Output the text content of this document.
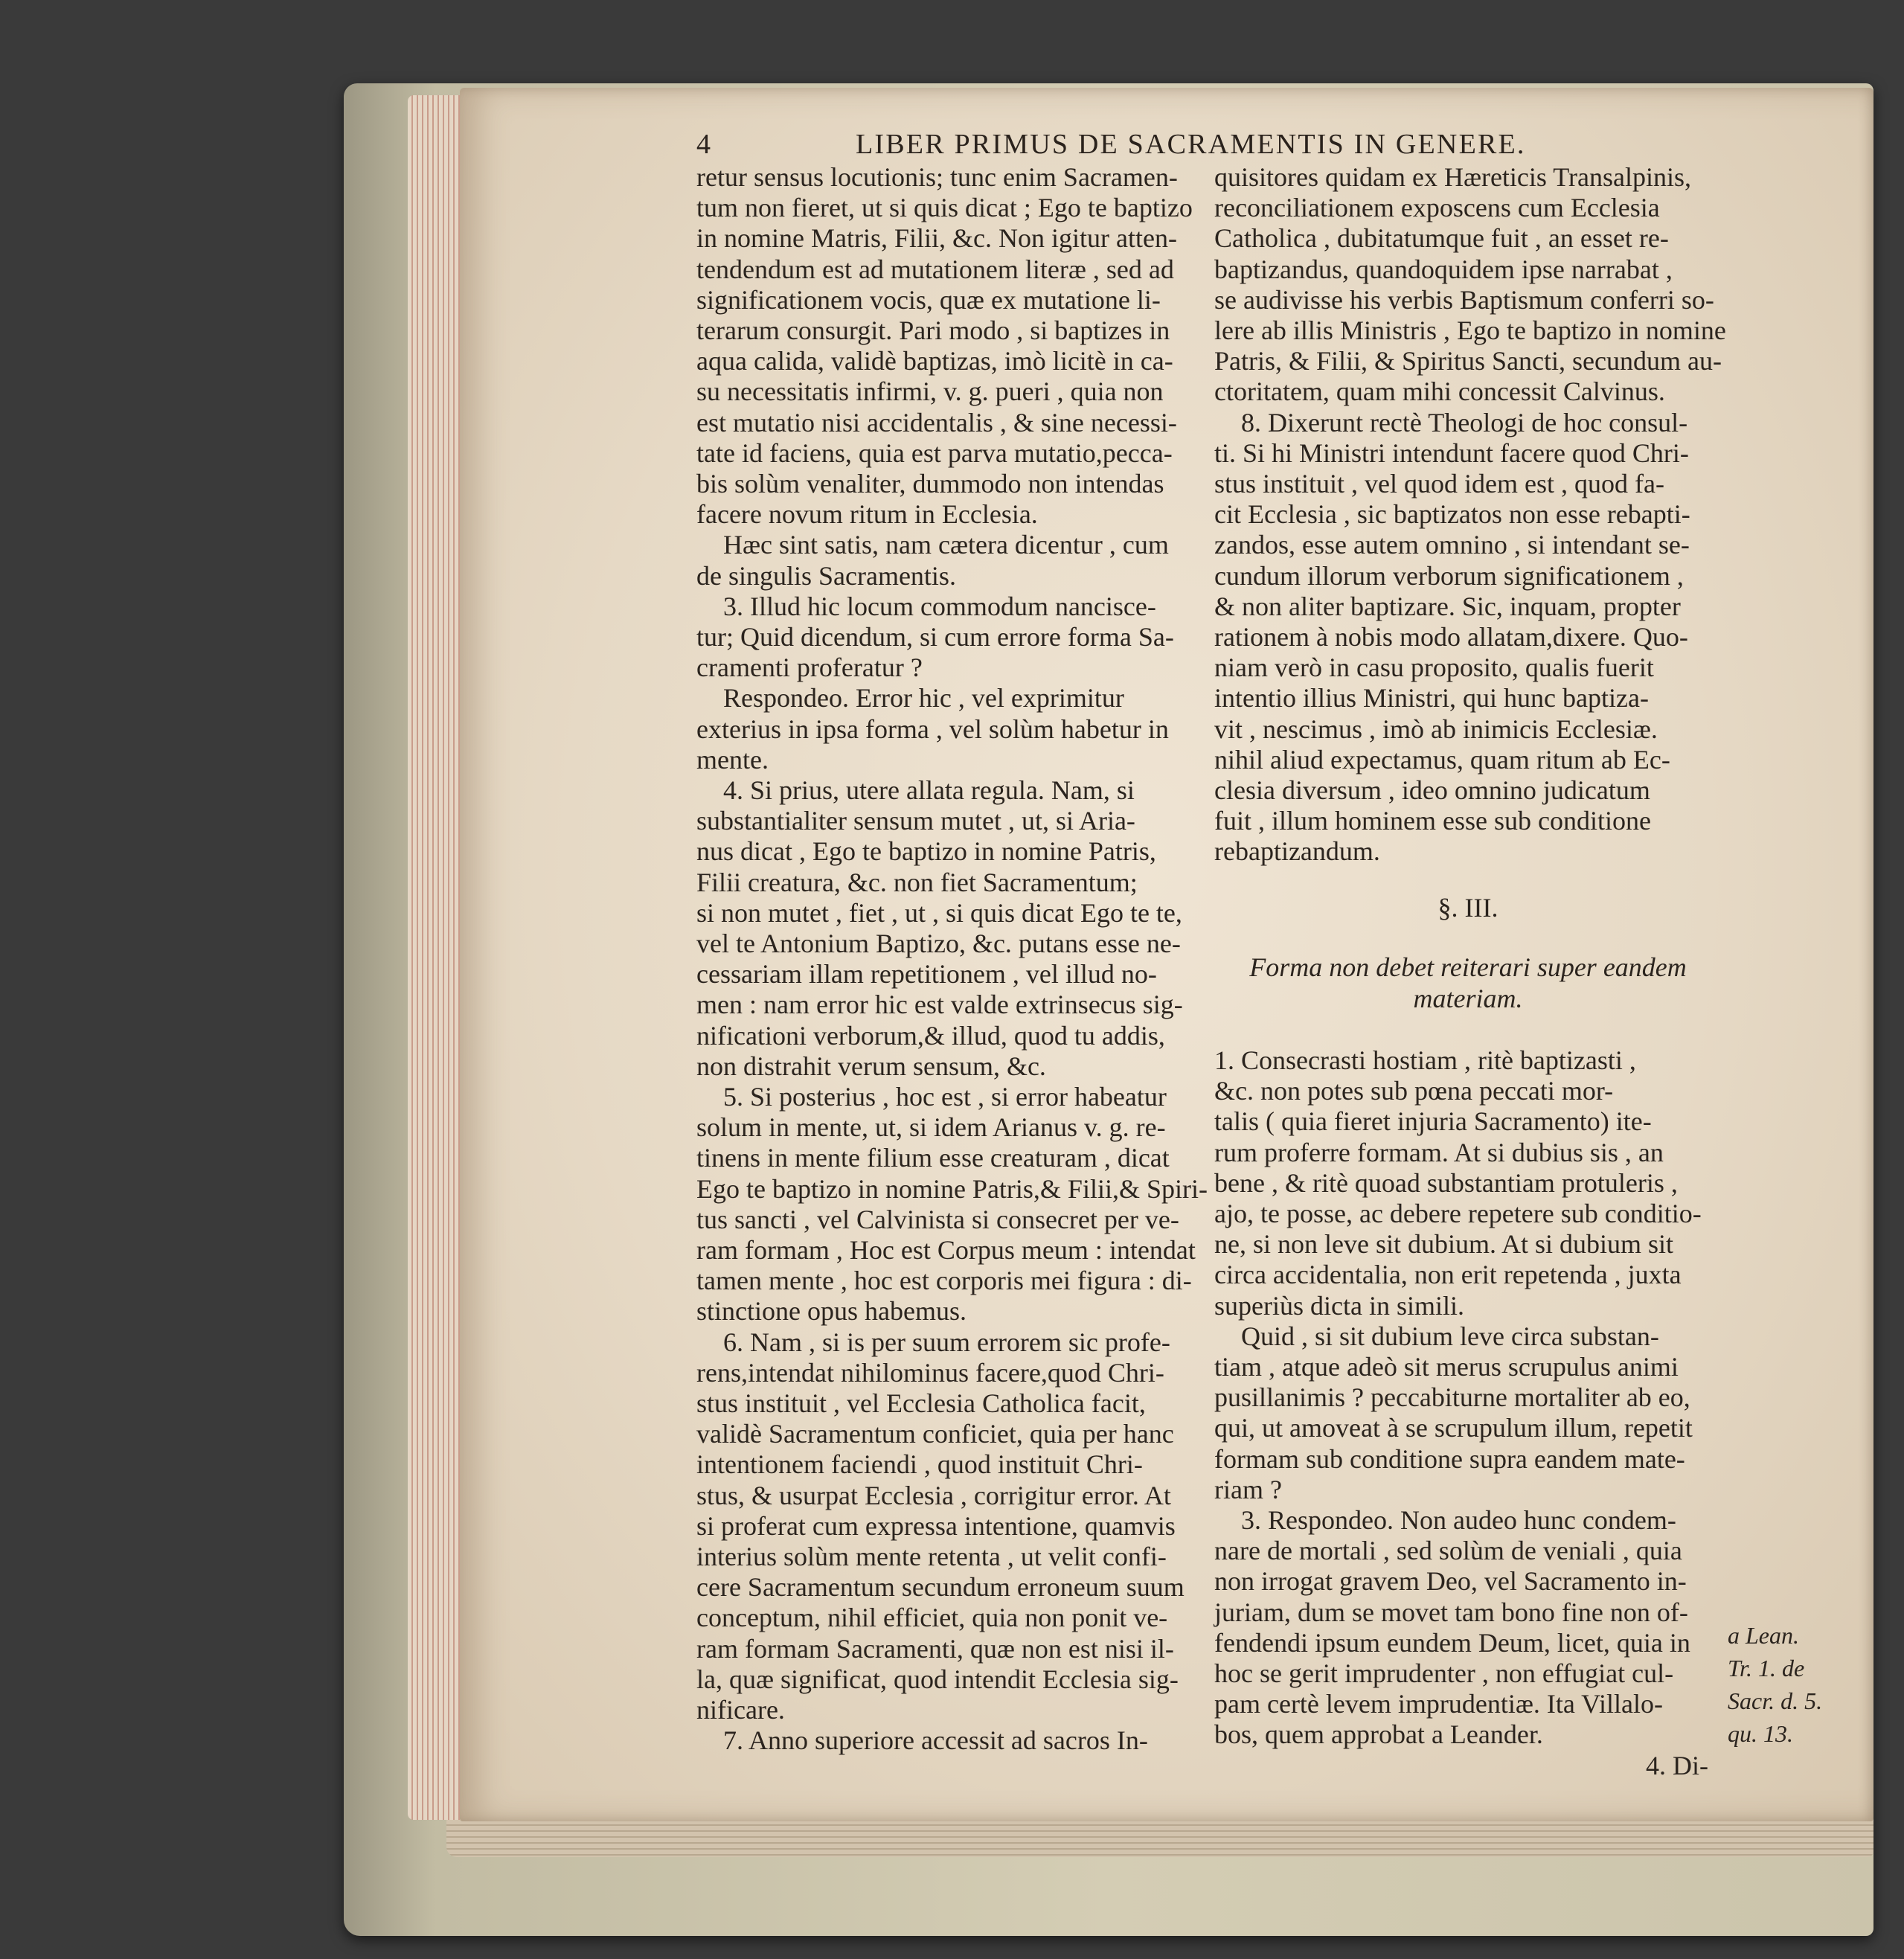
4	LIBER PRIMUS DE SACRAMENTIS IN GENERE.
retur sensus locutionis; tunc enim Sacramen-
tum non fieret, ut si quis dicat ; Ego te baptizo
in nomine Matris, Filii, &c. Non igitur atten-
tendendum est ad mutationem literæ , sed ad
significationem vocis, quæ ex mutatione li-
terarum consurgit. Pari modo , si baptizes in
aqua calida, validè baptizas, imò licitè in ca-
su necessitatis infirmi, v. g. pueri , quia non
est mutatio nisi accidentalis , & sine necessi-
tate id faciens, quia est parva mutatio,pecca-
bis solùm venaliter, dummodo non intendas
facere novum ritum in Ecclesia.
Hæc sint satis, nam cætera dicentur , cum
de singulis Sacramentis.
3. Illud hic locum commodum nancisce-
tur; Quid dicendum, si cum errore forma Sa-
cramenti proferatur ?
Respondeo. Error hic , vel exprimitur
exterius in ipsa forma , vel solùm habetur in
mente.
4. Si prius, utere allata regula. Nam, si
substantialiter sensum mutet , ut, si Aria-
nus dicat , Ego te baptizo in nomine Patris,
Filii creatura, &c. non fiet Sacramentum;
si non mutet , fiet , ut , si quis dicat Ego te te,
vel te Antonium Baptizo, &c. putans esse ne-
cessariam illam repetitionem , vel illud no-
men : nam error hic est valde extrinsecus sig-
nificationi verborum,& illud, quod tu addis,
non distrahit verum sensum, &c.
5. Si posterius , hoc est , si error habeatur
solum in mente, ut, si idem Arianus v. g. re-
tinens in mente filium esse creaturam , dicat
Ego te baptizo in nomine Patris,& Filii,& Spiri-
tus sancti , vel Calvinista si consecret per ve-
ram formam , Hoc est Corpus meum : intendat
tamen mente , hoc est corporis mei figura : di-
stinctione opus habemus.
6. Nam , si is per suum errorem sic profe-
rens,intendat nihilominus facere,quod Chri-
stus instituit , vel Ecclesia Catholica facit,
validè Sacramentum conficiet, quia per hanc
intentionem faciendi , quod instituit Chri-
stus, & usurpat Ecclesia , corrigitur error. At
si proferat cum expressa intentione, quamvis
interius solùm mente retenta , ut velit confi-
cere Sacramentum secundum erroneum suum
conceptum, nihil efficiet, quia non ponit ve-
ram formam Sacramenti, quæ non est nisi il-
la, quæ significat, quod intendit Ecclesia sig-
nificare.
7. Anno superiore accessit ad sacros In-
§. III.
Forma non debet reiterari super eandem
materiam.
quisitores quidam ex Hæreticis Transalpinis,
reconciliationem exposcens cum Ecclesia
Catholica , dubitatumque fuit , an esset re-
baptizandus, quandoquidem ipse narrabat ,
se audivisse his verbis Baptismum conferri so-
lere ab illis Ministris , Ego te baptizo in nomine
Patris, & Filii, & Spiritus Sancti, secundum au-
ctoritatem, quam mihi concessit Calvinus.
8. Dixerunt rectè Theologi de hoc consul-
ti. Si hi Ministri intendunt facere quod Chri-
stus instituit , vel quod idem est , quod fa-
cit Ecclesia , sic baptizatos non esse rebapti-
zandos, esse autem omnino , si intendant se-
cundum illorum verborum significationem ,
& non aliter baptizare. Sic, inquam, propter
rationem à nobis modo allatam,dixere. Quo-
niam verò in casu proposito, qualis fuerit
intentio illius Ministri, qui hunc baptiza-
vit , nescimus , imò ab inimicis Ecclesiæ.
nihil aliud expectamus, quam ritum ab Ec-
clesia diversum , ideo omnino judicatum
fuit , illum hominem esse sub conditione
rebaptizandum.
1. Consecrasti hostiam , ritè baptizasti ,
&c. non potes sub pœna peccati mor-
talis ( quia fieret injuria Sacramento) ite-
rum proferre formam. At si dubius sis , an
bene , & ritè quoad substantiam protuleris ,
ajo, te posse, ac debere repetere sub conditio-
ne, si non leve sit dubium. At si dubium sit
circa accidentalia, non erit repetenda , juxta
superiùs dicta in simili.
Quid , si sit dubium leve circa substan-
tiam , atque adeò sit merus scrupulus animi
pusillanimis ? peccabiturne mortaliter ab eo,
qui, ut amoveat à se scrupulum illum, repetit
formam sub conditione supra eandem mate-
riam ?
3. Respondeo. Non audeo hunc condem-
nare de mortali , sed solùm de veniali , quia
non irrogat gravem Deo, vel Sacramento in-
juriam, dum se movet tam bono fine non of-
fendendi ipsum eundem Deum, licet, quia in
hoc se gerit imprudenter , non effugiat cul-
pam certè levem imprudentiæ. Ita Villalo-
bos, quem approbat a Leander.
a Lean.
Tr. 1. de
Sacr. d. 5.
qu. 13.
4. Di-
